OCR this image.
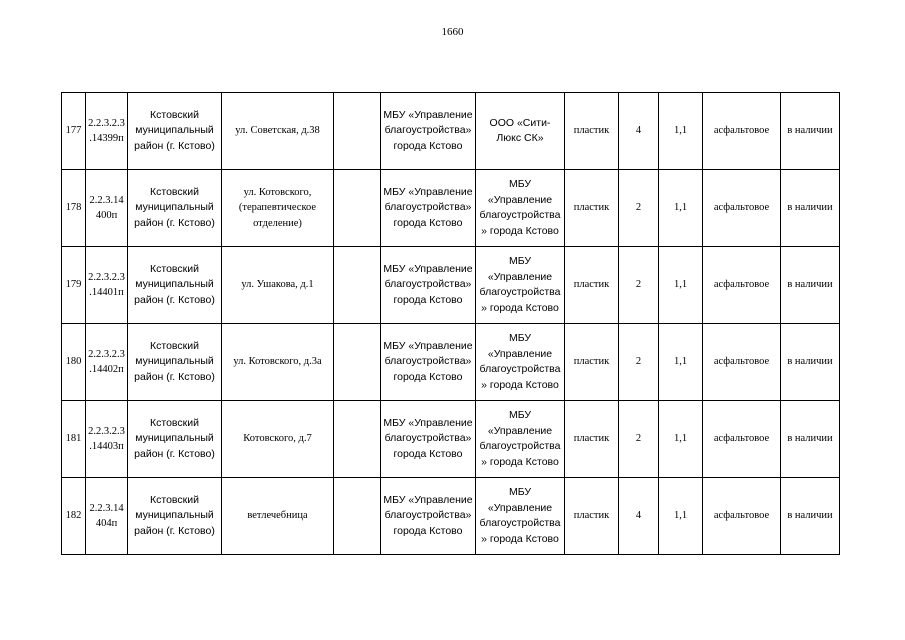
1660
177	2.2.3.2.3.14399п	Кстовский муниципальный район (г. Кстово)	ул. Советская, д.38		МБУ «Управление благоустройства» города Кстово	ООО «Сити-Люкс СК»	пластик	4	1,1	асфальтовое	в наличии
178	2.2.3.14400п	Кстовский муниципальный район (г. Кстово)	ул. Котовского, (терапевтическое отделение)		МБУ «Управление благоустройства» города Кстово	МБУ «Управление благоустройства» города Кстово	пластик	2	1,1	асфальтовое	в наличии
179	2.2.3.2.3.14401п	Кстовский муниципальный район (г. Кстово)	ул. Ушакова, д.1		МБУ «Управление благоустройства» города Кстово	МБУ «Управление благоустройства» города Кстово	пластик	2	1,1	асфальтовое	в наличии
180	2.2.3.2.3.14402п	Кстовский муниципальный район (г. Кстово)	ул. Котовского, д.3а		МБУ «Управление благоустройства» города Кстово	МБУ «Управление благоустройства» города Кстово	пластик	2	1,1	асфальтовое	в наличии
181	2.2.3.2.3.14403п	Кстовский муниципальный район (г. Кстово)	Котовского, д.7		МБУ «Управление благоустройства» города Кстово	МБУ «Управление благоустройства» города Кстово	пластик	2	1,1	асфальтовое	в наличии
182	2.2.3.14404п	Кстовский муниципальный район (г. Кстово)	ветлечебница		МБУ «Управление благоустройства» города Кстово	МБУ «Управление благоустройства» города Кстово	пластик	4	1,1	асфальтовое	в наличии
